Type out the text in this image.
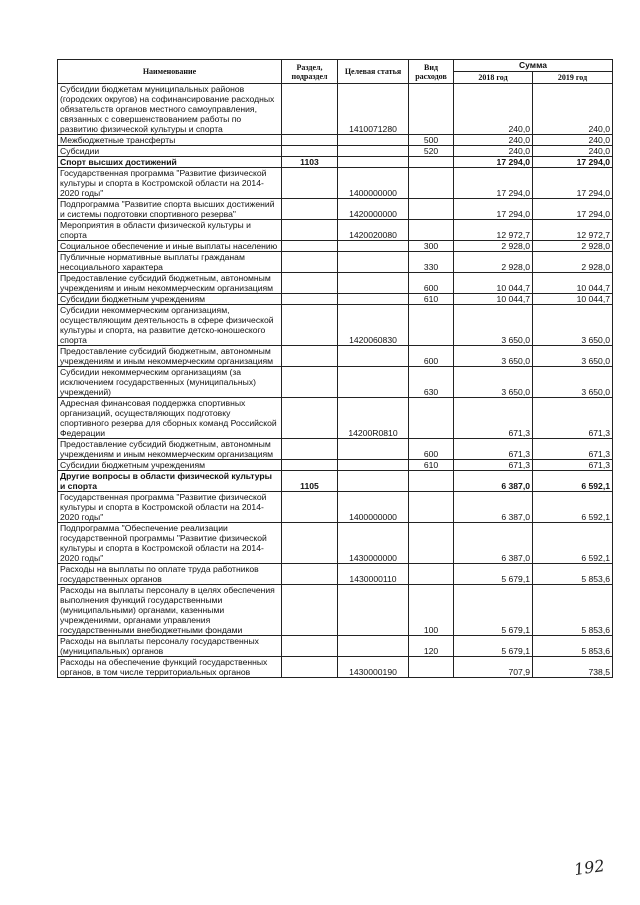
Наименование	Раздел, подраздел	Целевая статья	Вид расходов	Сумма	
				2018 год	2019 год
Субсидии бюджетам муниципальных районов (городских округов) на софинансирование расходных обязательств органов местного самоуправления, связанных с совершенствованием работы по развитию физической культуры и спорта		1410071280		240,0	240,0
Межбюджетные трансферты			500	240,0	240,0
Субсидии			520	240,0	240,0
Спорт высших достижений	1103			17 294,0	17 294,0
Государственная программа "Развитие физической культуры и спорта в Костромской области на 2014-2020 годы"		1400000000		17 294,0	17 294,0
Подпрограмма "Развитие спорта высших достижений и системы подготовки спортивного резерва"		1420000000		17 294,0	17 294,0
Мероприятия в области физической культуры и спорта		1420020080		12 972,7	12 972,7
Социальное обеспечение и иные выплаты населению			300	2 928,0	2 928,0
Публичные нормативные выплаты гражданам несоциального характера			330	2 928,0	2 928,0
Предоставление субсидий бюджетным, автономным учреждениям и иным некоммерческим организациям			600	10 044,7	10 044,7
Субсидии бюджетным учреждениям			610	10 044,7	10 044,7
Субсидии некоммерческим организациям, осуществляющим деятельность в сфере физической культуры и спорта, на развитие детско-юношеского спорта		1420060830		3 650,0	3 650,0
Предоставление субсидий бюджетным, автономным учреждениям и иным некоммерческим организациям			600	3 650,0	3 650,0
Субсидии некоммерческим организациям (за исключением государственных (муниципальных) учреждений)			630	3 650,0	3 650,0
Адресная финансовая поддержка спортивных организаций, осуществляющих подготовку спортивного резерва для сборных команд Российской Федерации		14200R0810		671,3	671,3
Предоставление субсидий бюджетным, автономным учреждениям и иным некоммерческим организациям			600	671,3	671,3
Субсидии бюджетным учреждениям			610	671,3	671,3
Другие вопросы в области физической культуры и спорта	1105			6 387,0	6 592,1
Государственная программа "Развитие физической культуры и спорта в Костромской области на 2014-2020 годы"		1400000000		6 387,0	6 592,1
Подпрограмма "Обеспечение реализации государственной программы "Развитие физической культуры и спорта в Костромской области на 2014-2020 годы"		1430000000		6 387,0	6 592,1
Расходы на выплаты по оплате труда работников государственных органов		1430000110		5 679,1	5 853,6
Расходы на выплаты персоналу в целях обеспечения выполнения функций государственными (муниципальными) органами, казенными учреждениями, органами управления государственными внебюджетными фондами			100	5 679,1	5 853,6
Расходы на выплаты персоналу государственных (муниципальных) органов			120	5 679,1	5 853,6
Расходы на обеспечение функций государственных органов, в том числе территориальных органов		1430000190		707,9	738,5
192
